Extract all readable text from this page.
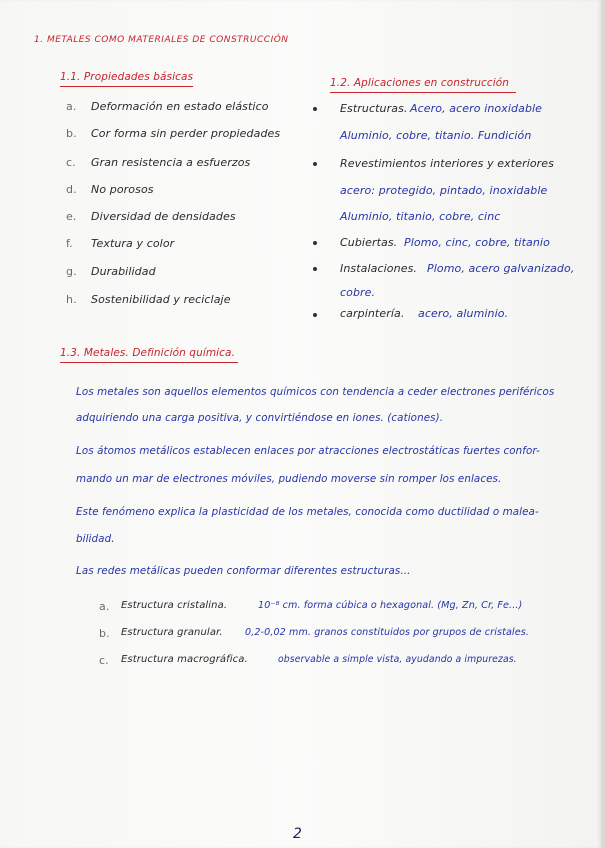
1. METALES COMO MATERIALES DE CONSTRUCCIÓN
1.1. Propiedades básicas
a. Deformación en estado elástico
b. Cor forma sin perder propiedades
c. Gran resistencia a esfuerzos
d. No porosos
e. Diversidad de densidades
f. Textura y color
g. Durabilidad
h. Sostenibilidad y reciclaje
1.2. Aplicaciones en construcción
Estructuras. Acero, acero inoxidable
Aluminio, cobre, titanio. Fundición
Revestimientos interiores y exteriores
acero: protegido, pintado, inoxidable
Aluminio, titanio, cobre, cinc
Cubiertas. Plomo, cinc, cobre, titanio
Instalaciones. Plomo, acero galvanizado,
cobre.
carpintería. acero, aluminio.
1.3. Metales. Definición química.
Los metales son aquellos elementos químicos con tendencia a ceder electrones periféricos
adquiriendo una carga positiva, y convirtiéndose en iones. (cationes).
Los átomos metálicos establecen enlaces por atracciones electrostáticas fuertes confor-
mando un mar de electrones móviles, pudiendo moverse sin romper los enlaces.
Este fenómeno explica la plasticidad de los metales, conocida como ductilidad o malea-
bilidad.
Las redes metálicas pueden conformar diferentes estructuras...
a. Estructura cristalina.	10⁻⁸ cm. forma cúbica o hexagonal. (Mg, Zn, Cr, Fe...)
b. Estructura granular. 0,2-0,02 mm. granos constituidos por grupos de cristales.
c. Estructura macrográfica.	observable a simple vista, ayudando a impurezas.
2
